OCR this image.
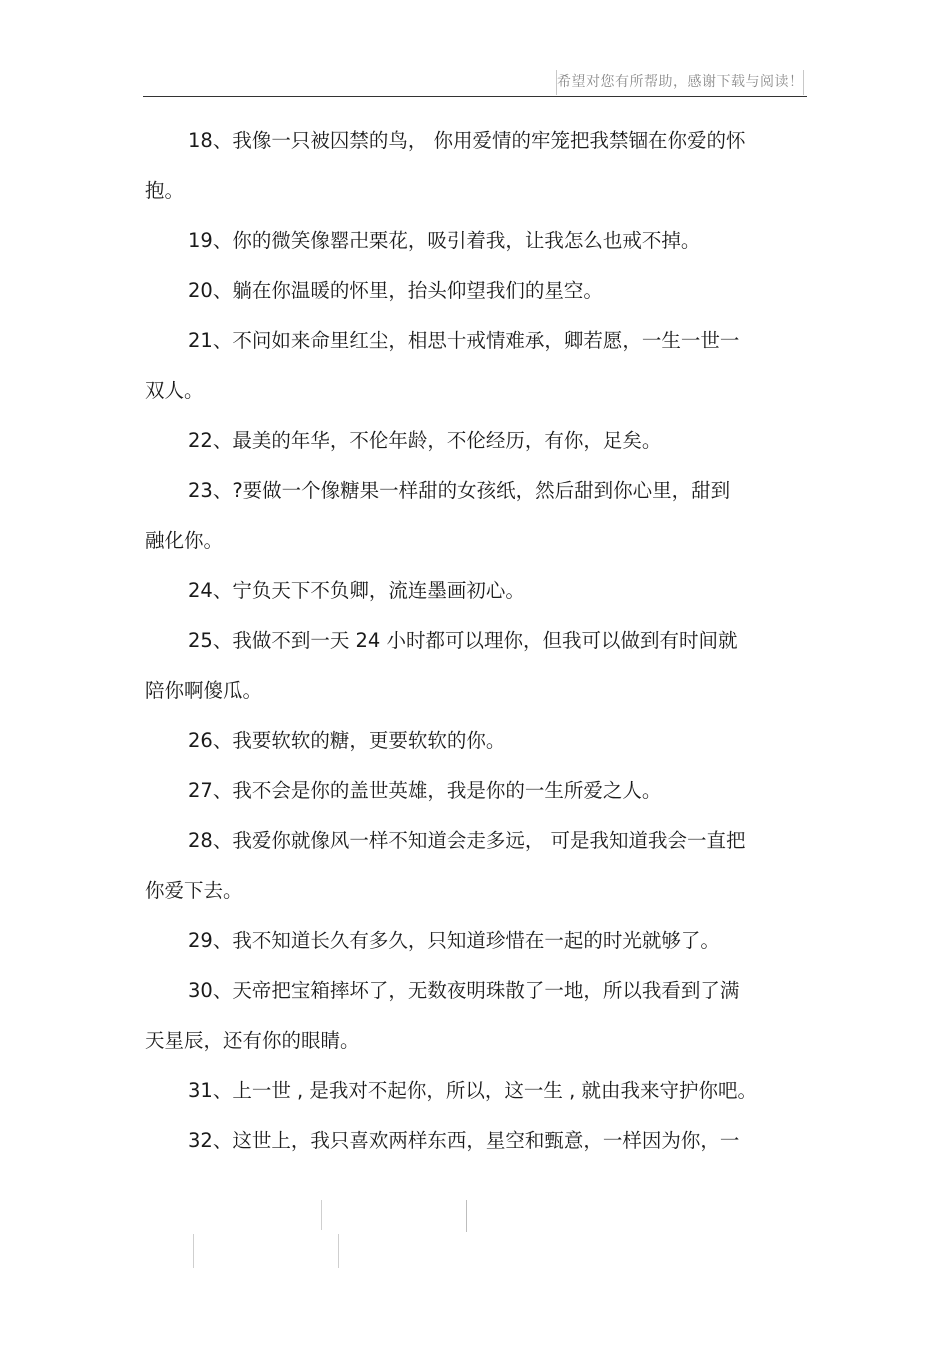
希望对您有所帮助，感谢下载与阅读！
18、我像一只被囚禁的鸟， 你用爱情的牢笼把我禁锢在你爱的怀
抱。
19、你的微笑像罂卍栗花，吸引着我，让我怎么也戒不掉。
20、躺在你温暖的怀里，抬头仰望我们的星空。
21、不问如来命里红尘，相思十戒情难承，卿若愿，一生一世一
双人。
22、最美的年华，不伦年龄，不伦经历，有你，足矣。
23、?要做一个像糖果一样甜的女孩纸，然后甜到你心里，甜到
融化你。
24、宁负天下不负卿，流连墨画初心。
25、我做不到一天 24 小时都可以理你，但我可以做到有时间就
陪你啊傻瓜。
26、我要软软的糖，更要软软的你。
27、我不会是你的盖世英雄，我是你的一生所爱之人。
28、我爱你就像风一样不知道会走多远， 可是我知道我会一直把
你爱下去。
29、我不知道长久有多久，只知道珍惜在一起的时光就够了。
30、天帝把宝箱摔坏了，无数夜明珠散了一地，所以我看到了满
天星辰，还有你的眼睛。
31、上一世 , 是我对不起你，所以，这一生 , 就由我来守护你吧。
32、这世上，我只喜欢两样东西，星空和甄意，一样因为你，一
